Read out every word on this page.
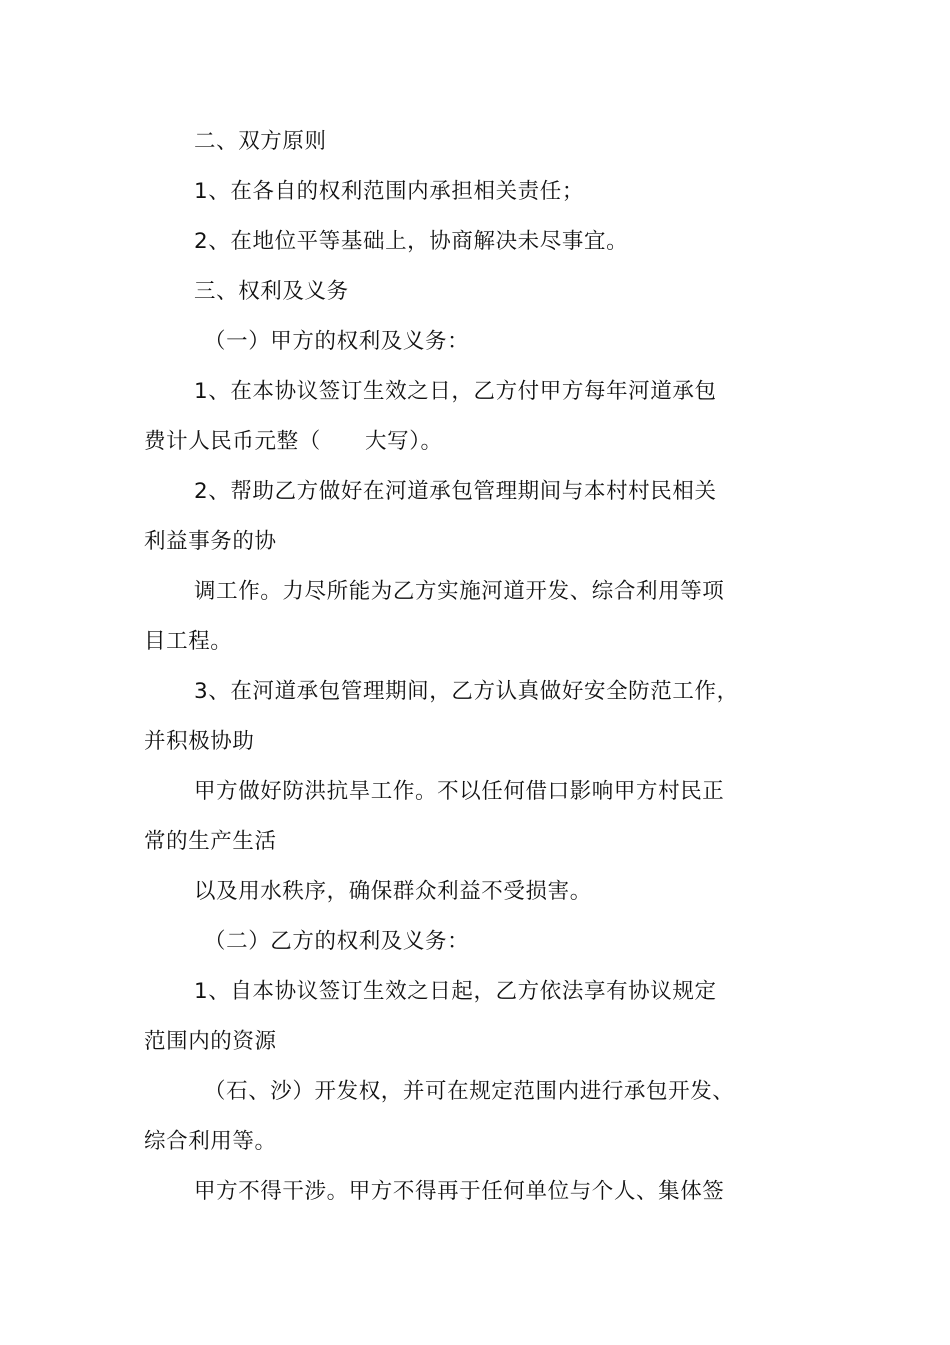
二、双方原则
1、在各自的权利范围内承担相关责任；
2、在地位平等基础上，协商解决未尽事宜。
三、权利及义务
（一）甲方的权利及义务：
1、在本协议签订生效之日，乙方付甲方每年河道承包
费计人民币元整（　　大写）。
2、帮助乙方做好在河道承包管理期间与本村村民相关
利益事务的协
调工作。力尽所能为乙方实施河道开发、综合利用等项
目工程。
3、在河道承包管理期间，乙方认真做好安全防范工作，
并积极协助
甲方做好防洪抗旱工作。不以任何借口影响甲方村民正
常的生产生活
以及用水秩序，确保群众利益不受损害。
（二）乙方的权利及义务：
1、自本协议签订生效之日起，乙方依法享有协议规定
范围内的资源
（石、沙）开发权，并可在规定范围内进行承包开发、
综合利用等。
甲方不得干涉。甲方不得再于任何单位与个人、集体签
